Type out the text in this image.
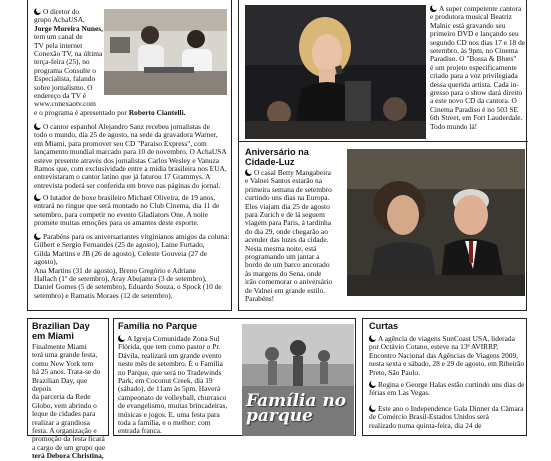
O diretor do
grupo AchaUSA,
Jorge Moreira Nunes,
tem um canal de
TV pela internet
Conexão TV, na última
terça-feira (25), no
programa Consulte o
Especialista, falando
sobre jornalismo. O
endereço da TV é
www.conexaotv.com
e o programa é apresentado por Roberto Ciantelli.
O cantor espanhol Alejandro Sanz recebeu jornalistas de
todo o mundo, dia 25 de agosto, na sede da gravadora Warner,
em Miami, para promover seu CD "Paraíso Express", com
lançamento mundial marcado para 10 de novembro. O AchaUSA
esteve presente através dos jornalistas Carlos Wesley e Vanuza
Ramos que, com exclusividade entre a mídia brasileira nos EUA,
entrevistaram o cantor latino que já faturou 17 Grammys. A
entrevista poderá ser conferida em breve nas páginas do jornal.
O lutador de boxe brasileiro Michael Oliveira, de 19 anos,
entrará no ringue que será montado no Club Cinema, dia 11 de
setembro, para competir no evento Gladiators One. A noite
promete muitas emoções para os amantes deste esporte.
Parabéns para os aniversariantes virginianos amigos da coluna:
Gilbert e Sergio Fernandes (25 de agosto), Laine Furtado,
Gilda Martins e JB (26 de agosto), Celeste Gouveia (27 de agosto),
Ana Martins (31 de agosto), Breno Gregório e Adriane
Hallach (1º de setembro), Aray Abujamra (3 de setembro),
Daniel Gomes (5 de setembro), Eduardo Souza, o Spock (10 de
setembro) e Ramatis Moraes (12 de setembro).
A super competente cantora
e produtora musical Beatriz
Malnic está gravando seu
primeiro DVD e lançando seu
segundo CD nos dias 17 e 18 de
setembro, às 9pm, no Cinema
Paradiso. O "Bossa & Blues"
é um projeto especificamente
criado para a voz privilegiada
dessa querida artista. Cada in-
gresso para o show dará direito
a este novo CD da cantora. O
Cinema Paradiso é no 503 SE
6th Street, em Fort Lauderdale.
Todo mundo lá!
Aniversário na
Cidade-Luz
O casal Betty Mangabeira
e Valnei Santos estarão na
primeira semana de setembro
curtindo uns dias na Europa.
Eles viajam dia 25 de agosto
para Zurich e de lá seguem
viagem para Paris, à tardinha
do dia 29, onde chegarão ao
acender das luzes da cidade.
Nesta mesma noite, está
programando um jantar a
bordo de um barco ancorado
às margens do Sena, onde
irão comemorar o aniversário
de Valnei em grande estilo.
Parabéns!
Brazilian Day
em Miami
Finalmente Miami
terá uma grande festa,
como New York tem
há 25 anos. Trata-se do
Brazilian Day, que depois
da parceria da Rede
Globo, vem abrindo o
leque de cidades para
realizar a grandiosa
festa. A organização e
promoção da festa ficará
a cargo de um grupo que
terá Debora Christina,
Família no Parque
A Igreja Comunidade Zona Sul
Flórida, que tem como pastor o Pr.
Dávila, realizará um grande evento
neste mês de setembro. É o Família
no Parque, que será no Tradewinds
Park, em Coconut Creek, dia 19
(sábado), de 11am às 5pm. Haverá
campeonato de volleyball, churrasco
de evangelismo, muitas brincadeiras,
músicas e jogos. E, uma festa para
toda a família, e o melhor: com
entrada franca.
Família no parque
Curtas
A agência de viagens SunCoast USA, liderada
por Octávio Cotano, esteve na 13ª AVIRRP,
Encontro Nacional das Agências de Viagens 2009,
nesta sexta e sábado, 28 e 29 de agosto, em Ribeirão
Preto, São Paulo.
Regina e George Halas estão curtindo uns dias de
férias em Las Vegas.
Este ano o Independence Gala Dinner da Câmara
de Comércio Brasil-Estados Unidos será
realizado numa quinta-feira, dia 24 de
